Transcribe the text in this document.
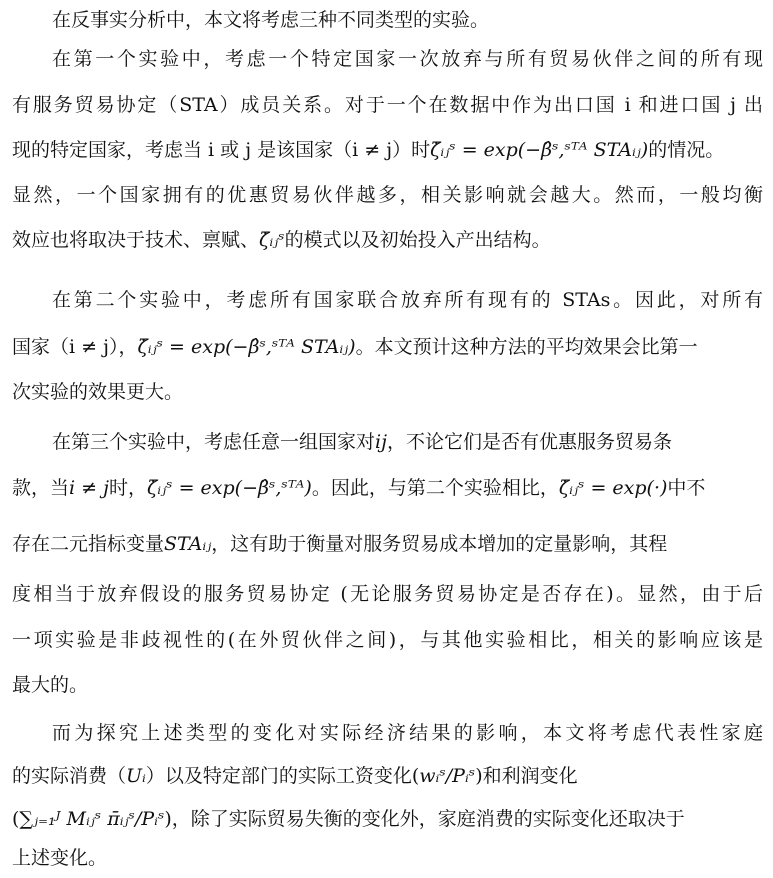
在反事实分析中，本文将考虑三种不同类型的实验。
在第一个实验中，考虑一个特定国家一次放弃与所有贸易伙伴之间的所有现
有服务贸易协定（STA）成员关系。对于一个在数据中作为出口国 i 和进口国 j 出
现的特定国家，考虑当 i 或 j 是该国家（i ≠ j）时ζ̇ᵢⱼˢ = exp(−β̂ˢ,ˢᵀᴬ STAᵢⱼ)的情况。
显然，一个国家拥有的优惠贸易伙伴越多，相关影响就会越大。然而，一般均衡
效应也将取决于技术、禀赋、ζ̇ᵢⱼˢ的模式以及初始投入产出结构。
在第二个实验中，考虑所有国家联合放弃所有现有的 STAs。因此，对所有
国家（i ≠ j），ζ̇ᵢⱼˢ = exp(−β̂ˢ,ˢᵀᴬ STAᵢⱼ)。本文预计这种方法的平均效果会比第一
次实验的效果更大。
在第三个实验中，考虑任意一组国家对ij，不论它们是否有优惠服务贸易条
款，当i ≠ j时，ζ̇ᵢⱼˢ = exp(−β̂ˢ,ˢᵀᴬ)。因此，与第二个实验相比，ζ̇ᵢⱼˢ = exp(·)中不
存在二元指标变量STAᵢⱼ，这有助于衡量对服务贸易成本增加的定量影响，其程
度相当于放弃假设的服务贸易协定 (无论服务贸易协定是否存在)。显然，由于后
一项实验是非歧视性的(在外贸伙伴之间)，与其他实验相比，相关的影响应该是
最大的。
而为探究上述类型的变化对实际经济结果的影响，本文将考虑代表性家庭
的实际消费（Uᵢ）以及特定部门的实际工资变化(wᵢˢ/Pᵢˢ)和利润变化
(∑ⱼ₌₁ᴶ Mᵢⱼˢ π̄ᵢⱼˢ/Pᵢˢ)，除了实际贸易失衡的变化外，家庭消费的实际变化还取决于
上述变化。
